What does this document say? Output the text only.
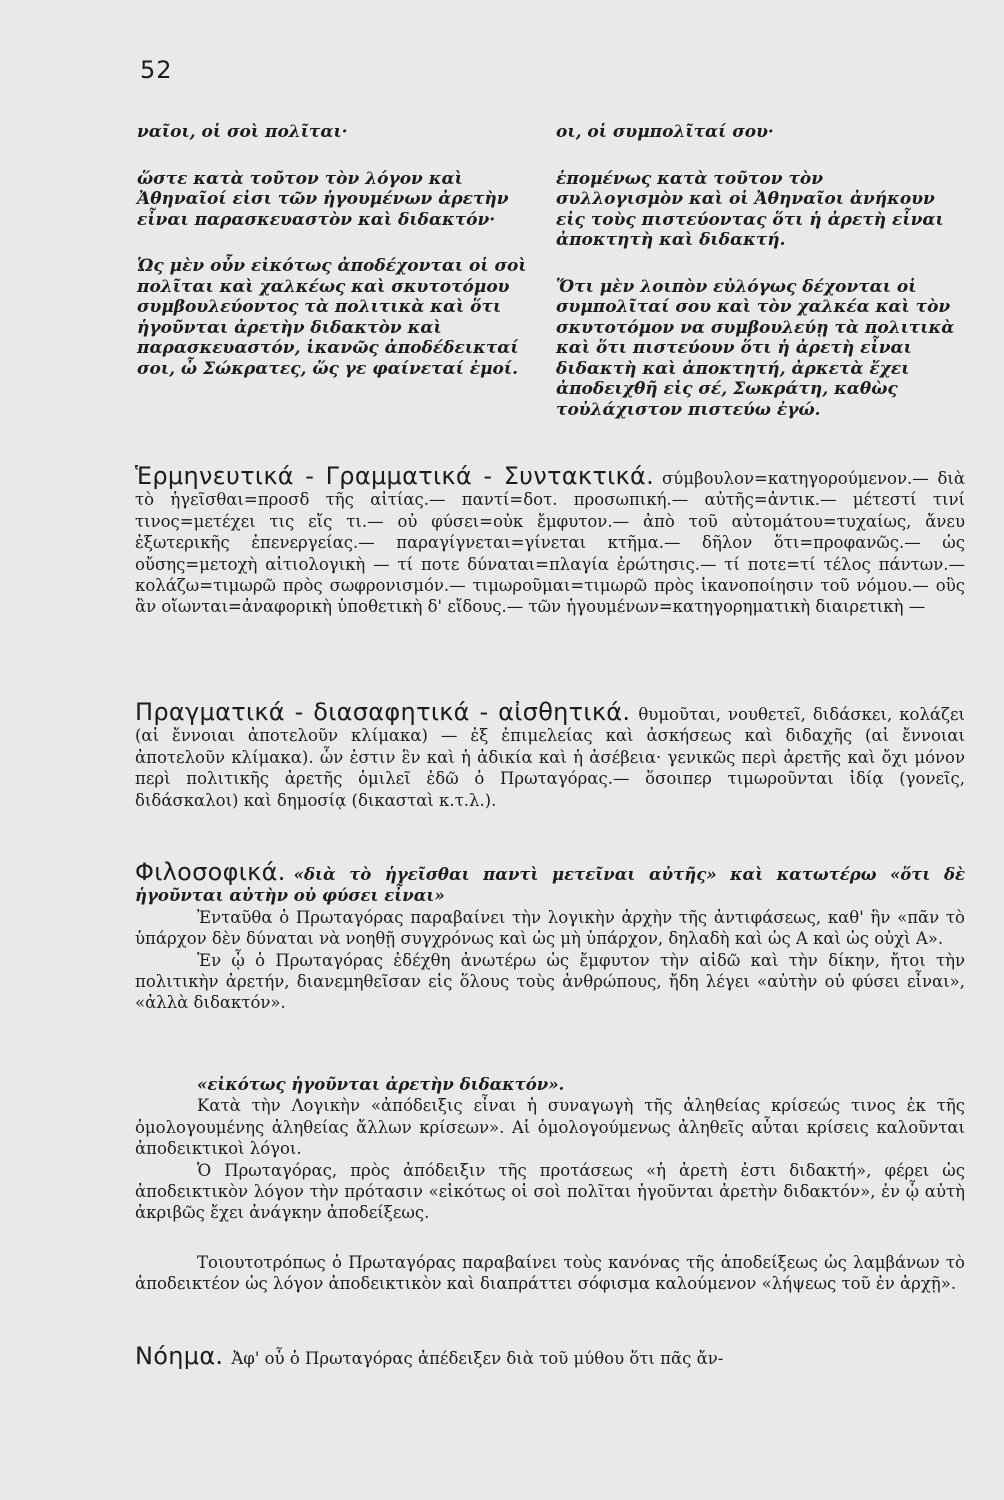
52

ναῖοι, οἱ σοὶ πολῖται·

ὥστε κατὰ τοῦτον τὸν λόγον καὶ Ἀθηναῖοί εἰσι τῶν ἡγουμένων ἀρετὴν εἶναι παρασκευαστὸν καὶ διδακτόν·

Ὡς μὲν οὖν εἰκότως ἀποδέχονται οἱ σοὶ πολῖται καὶ χαλκέως καὶ σκυτοτόμου συμβουλεύοντος τὰ πολιτικὰ καὶ ὅτι ἡγοῦνται ἀρετὴν διδακτὸν καὶ παρασκευαστόν, ἱκανῶς ἀποδέδεικταί σοι, ὦ Σώκρατες, ὥς γε φαίνεταί ἐμοί.

οι, οἱ συμπολῖταί σου·

ἑπομένως κατὰ τοῦτον τὸν συλλογισμὸν καὶ οἱ Ἀθηναῖοι ἀνήκουν εἰς τοὺς πιστεύοντας ὅτι ἡ ἀρετὴ εἶναι ἀποκτητὴ καὶ διδακτή.

Ὅτι μὲν λοιπὸν εὐλόγως δέχονται οἱ συμπολῖταί σου καὶ τὸν χαλκέα καὶ τὸν σκυτοτόμον να συμβουλεύῃ τὰ πολιτικὰ καὶ ὅτι πιστεύουν ὅτι ἡ ἀρετὴ εἶναι διδακτὴ καὶ ἀποκτητή, ἀρκετὰ ἔχει ἀποδειχθῆ εἰς σέ, Σωκράτη, καθὼς τοὐλάχιστον πιστεύω ἐγώ.

Ἑρμηνευτικά - Γραμματικά - Συντακτικά. σύμβουλον=κατηγορούμενον.— διὰ τὸ ἡγεῖσθαι=προσδ τῆς αἰτίας.— παντί=δοτ. προσωπική.— αὐτῆς=ἀντικ.— μέτεστί τινί τινος=μετέχει τις εἴς τι.— οὐ φύσει=οὐκ ἔμφυτον.— ἀπὸ τοῦ αὐτομάτου=τυχαίως, ἄνευ ἐξωτερικῆς ἐπενεργείας.— παραγίγνεται=γίνεται κτῆμα.— δῆλον ὅτι=προφανῶς.— ὡς οὔσης=μετοχὴ αἰτιολογικὴ — τί ποτε δύναται=πλαγία ἐρώτησις.— τί ποτε=τί τέλος πάντων.— κολάζω=τιμωρῶ πρὸς σωφρονισμόν.— τιμωροῦμαι=τιμωρῶ πρὸς ἱκανοποίησιν τοῦ νόμου.— οὓς ἂν οἴωνται=ἀναφορικὴ ὑποθετικὴ δ' εἴδους.— τῶν ἡγουμένων=κατηγορηματικὴ διαιρετικὴ —

Πραγματικά - διασαφητικά - αἰσθητικά. θυμοῦται, νουθετεῖ, διδάσκει, κολάζει (αἱ ἔννοιαι ἀποτελοῦν κλίμακα) — ἐξ ἐπιμελείας καὶ ἀσκήσεως καὶ διδαχῆς (αἱ ἔννοιαι ἀποτελοῦν κλίμακα). ὧν ἐστιν ἓν καὶ ἡ ἀδικία καὶ ἡ ἀσέβεια· γενικῶς περὶ ἀρετῆς καὶ ὄχι μόνον περὶ πολιτικῆς ἀρετῆς ὁμιλεῖ ἐδῶ ὁ Πρωταγόρας.— ὅσοιπερ τιμωροῦνται ἰδίᾳ (γονεῖς, διδάσκαλοι) καὶ δημοσίᾳ (δικασταὶ κ.τ.λ.).

Φιλοσοφικά. «διὰ τὸ ἡγεῖσθαι παντὶ μετεῖναι αὐτῆς» καὶ κατωτέρω «ὅτι δὲ ἡγοῦνται αὐτὴν οὐ φύσει εἶναι»

Ἐνταῦθα ὁ Πρωταγόρας παραβαίνει τὴν λογικὴν ἀρχὴν τῆς ἀντιφάσεως, καθ' ἣν «πᾶν τὸ ὑπάρχον δὲν δύναται νὰ νοηθῇ συγχρόνως καὶ ὡς μὴ ὑπάρχον, δηλαδὴ καὶ ὡς Α καὶ ὡς οὐχὶ Α».

Ἐν ᾧ ὁ Πρωταγόρας ἐδέχθη ἀνωτέρω ὡς ἔμφυτον τὴν αἰδῶ καὶ τὴν δίκην, ἤτοι τὴν πολιτικὴν ἀρετήν, διανεμηθεῖσαν εἰς ὅλους τοὺς ἀνθρώπους, ἤδη λέγει «αὐτὴν οὐ φύσει εἶναι», «ἀλλὰ διδακτόν».

«εἰκότως ἡγοῦνται ἀρετὴν διδακτόν».

Κατὰ τὴν Λογικὴν «ἀπόδειξις εἶναι ἡ συναγωγὴ τῆς ἀληθείας κρίσεώς τινος ἐκ τῆς ὁμολογουμένης ἀληθείας ἄλλων κρίσεων». Αἱ ὁμολογούμενως ἀληθεῖς αὗται κρίσεις καλοῦνται ἀποδεικτικοὶ λόγοι.

Ὁ Πρωταγόρας, πρὸς ἀπόδειξιν τῆς προτάσεως «ἡ ἀρετὴ ἐστι διδακτή», φέρει ὡς ἀποδεικτικὸν λόγον τὴν πρότασιν «εἰκότως οἱ σοὶ πολῖται ἡγοῦνται ἀρετὴν διδακτόν», ἐν ᾧ αὐτὴ ἀκριβῶς ἔχει ἀνάγκην ἀποδείξεως.

Τοιουτοτρόπως ὁ Πρωταγόρας παραβαίνει τοὺς κανόνας τῆς ἀποδείξεως ὡς λαμβάνων τὸ ἀποδεικτέον ὡς λόγον ἀποδεικτικὸν καὶ διαπράττει σόφισμα καλούμενον «λήψεως τοῦ ἐν ἀρχῇ».

Νόημα. Ἀφ' οὗ ὁ Πρωταγόρας ἀπέδειξεν διὰ τοῦ μύθου ὅτι πᾶς ἄν-
